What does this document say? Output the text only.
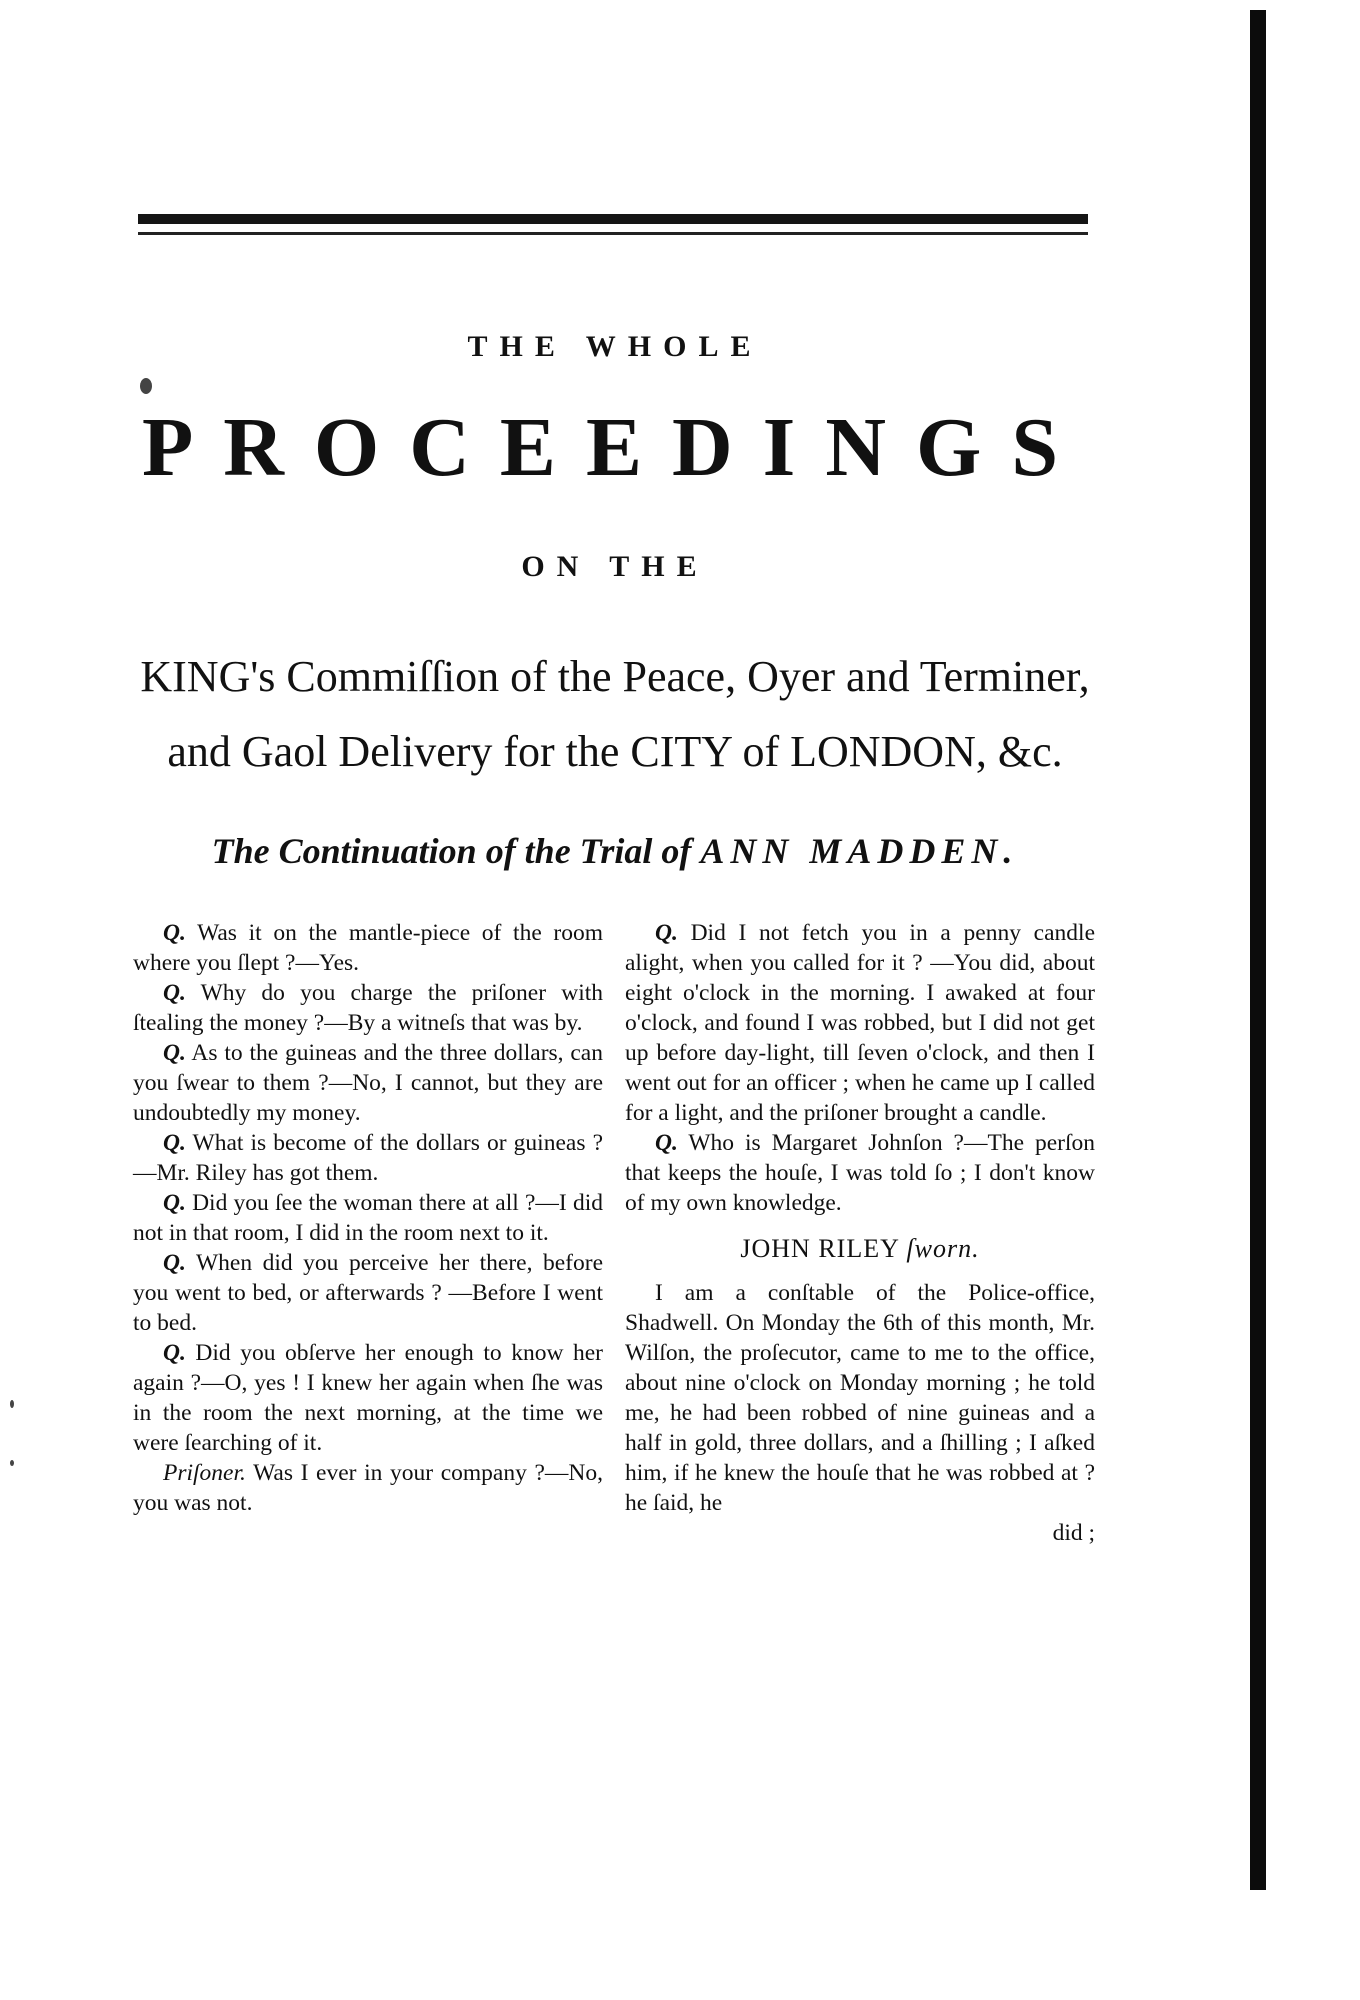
THE WHOLE
PROCEEDINGS
ON THE
KING's Commiſſion of the Peace, Oyer and Terminer,
and Gaol Delivery for the CITY of LONDON, &c.
The Continuation of the Trial of ANN MADDEN.

Q. Was it on the mantle-piece of the room where you ſlept ?—Yes.

Q. Why do you charge the priſoner with ſtealing the money ?—By a witneſs that was by.

Q. As to the guineas and the three dollars, can you ſwear to them ?—No, I cannot, but they are undoubtedly my money.

Q. What is become of the dollars or guineas ?—Mr. Riley has got them.

Q. Did you ſee the woman there at all ?—I did not in that room, I did in the room next to it.

Q. When did you perceive her there, before you went to bed, or afterwards ? —Before I went to bed.

Q. Did you obſerve her enough to know her again ?—O, yes ! I knew her again when ſhe was in the room the next morning, at the time we were ſearching of it.

Priſoner. Was I ever in your company ?—No, you was not.

Q. Did I not fetch you in a penny candle alight, when you called for it ? —You did, about eight o'clock in the morning. I awaked at four o'clock, and found I was robbed, but I did not get up before day-light, till ſeven o'clock, and then I went out for an officer ; when he came up I called for a light, and the priſoner brought a candle.

Q. Who is Margaret Johnſon ?—The perſon that keeps the houſe, I was told ſo ; I don't know of my own knowledge.

JOHN RILEY ſworn.

I am a conſtable of the Police-office, Shadwell. On Monday the 6th of this month, Mr. Wilſon, the proſecutor, came to me to the office, about nine o'clock on Monday morning ; he told me, he had been robbed of nine guineas and a half in gold, three dollars, and a ſhilling ; I aſked him, if he knew the houſe that he was robbed at ? he ſaid, he

did ;
